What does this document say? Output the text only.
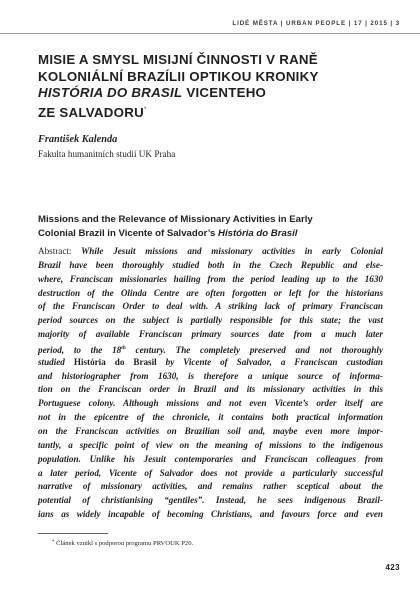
LIDÉ MĚSTA | URBAN PEOPLE | 17 | 2015 | 3
MISIE A SMYSL MISIJNÍ ČINNOSTI V RANĚ
KOLONIÁLNÍ BRAZÍLII OPTIKOU KRONIKY
HISTÓRIA DO BRASIL VICENTEHO
ZE SALVADORU*
František Kalenda
Fakulta humanitních studií UK Praha
Missions and the Relevance of Missionary Activities in Early
Colonial Brazil in Vicente of Salvador’s História do Brasil
Abstract: While Jesuit missions and missionary activities in early Colonial
Brazil have been thoroughly studied both in the Czech Republic and else-
where, Franciscan missionaries hailing from the period leading up to the 1630
destruction of the Olinda Centre are often forgotten or left for the historians
of the Franciscan Order to deal with. A striking lack of primary Franciscan
period sources on the subject is partially responsible for this state; the vast
majority of available Franciscan primary sources date from a much later
period, to the 18th century. The completely preserved and not thoroughly
studied História do Brasil by Vicente of Salvador, a Franciscan custodian
and historiographer from 1630, is therefore a unique source of informa-
tion on the Franciscan order in Brazil and its missionary activities in this
Portuguese colony. Although missions and not even Vicente’s order itself are
not in the epicentre of the chronicle, it contains both practical information
on the Franciscan activities on Brazilian soil and, maybe even more impor-
tantly, a specific point of view on the meaning of missions to the indigenous
population. Unlike his Jesuit contemporaries and Franciscan colleagues from
a later period, Vicente of Salvador does not provide a particularly successful
narrative of missionary activities, and remains rather sceptical about the
potential of christianising “gentiles”. Instead, he sees indigenous Brazil-
ians as widely incapable of becoming Christians, and favours force and even
* Článek vznikl s podporou programu PRVOUK P20.
423
